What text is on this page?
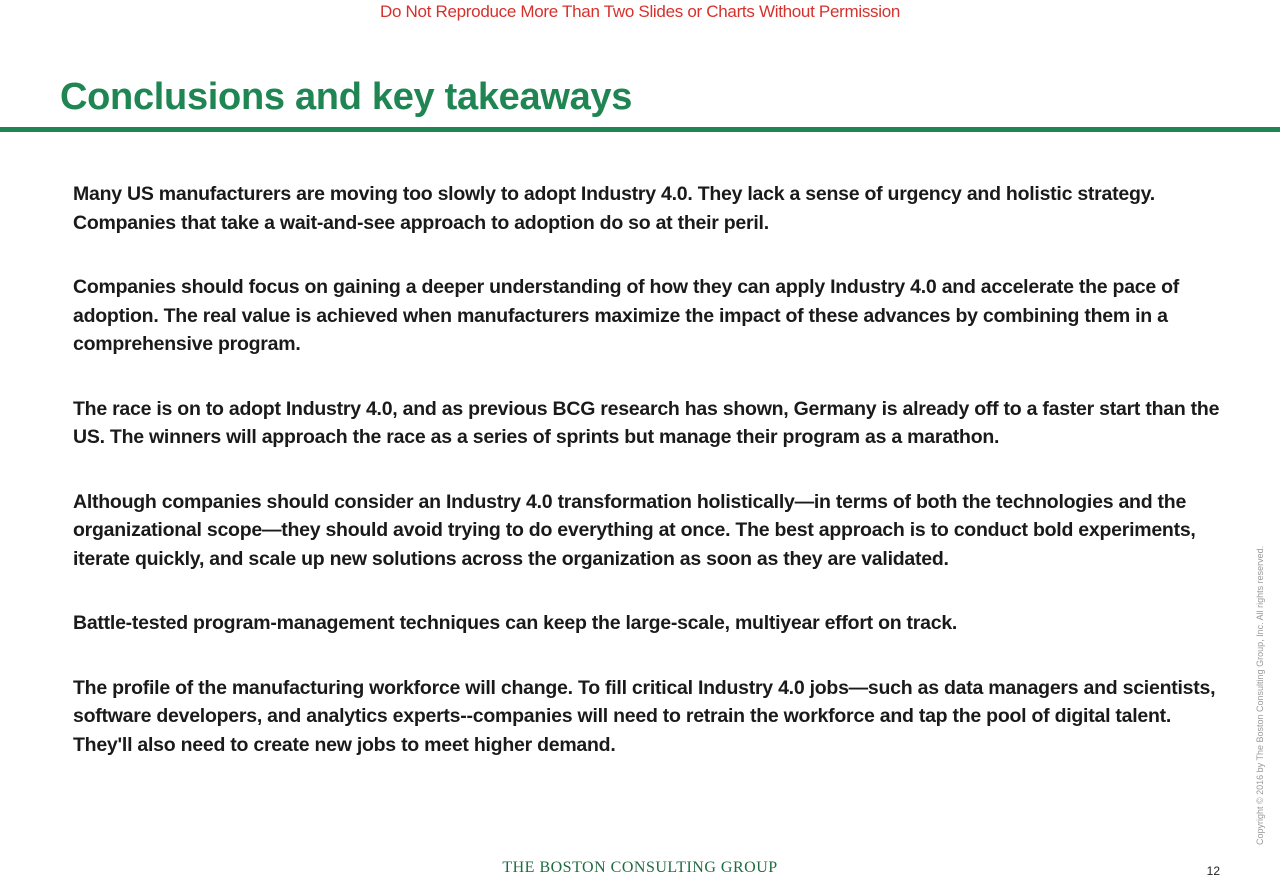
Do Not Reproduce More Than Two Slides or Charts Without Permission
Conclusions and key takeaways

Many US manufacturers are moving too slowly to adopt Industry 4.0. They lack a sense of urgency and holistic strategy. Companies that take a wait-and-see approach to adoption do so at their peril.

Companies should focus on gaining a deeper understanding of how they can apply Industry 4.0 and accelerate the pace of adoption. The real value is achieved when manufacturers maximize the impact of these advances by combining them in a comprehensive program.

The race is on to adopt Industry 4.0, and as previous BCG research has shown, Germany is already off to a faster start than the US. The winners will approach the race as a series of sprints but manage their program as a marathon.

Although companies should consider an Industry 4.0 transformation holistically—in terms of both the technologies and the organizational scope—they should avoid trying to do everything at once. The best approach is to conduct bold experiments, iterate quickly, and scale up new solutions across the organization as soon as they are validated.

Battle-tested program-management techniques can keep the large-scale, multiyear effort on track.

The profile of the manufacturing workforce will change. To fill critical Industry 4.0 jobs—such as data managers and scientists, software developers, and analytics experts--companies will need to retrain the workforce and tap the pool of digital talent. They'll also need to create new jobs to meet higher demand.	Copyright © 2016 by The Boston Consulting Group, Inc. All rights reserved.
THE BOSTON CONSULTING GROUP	12
